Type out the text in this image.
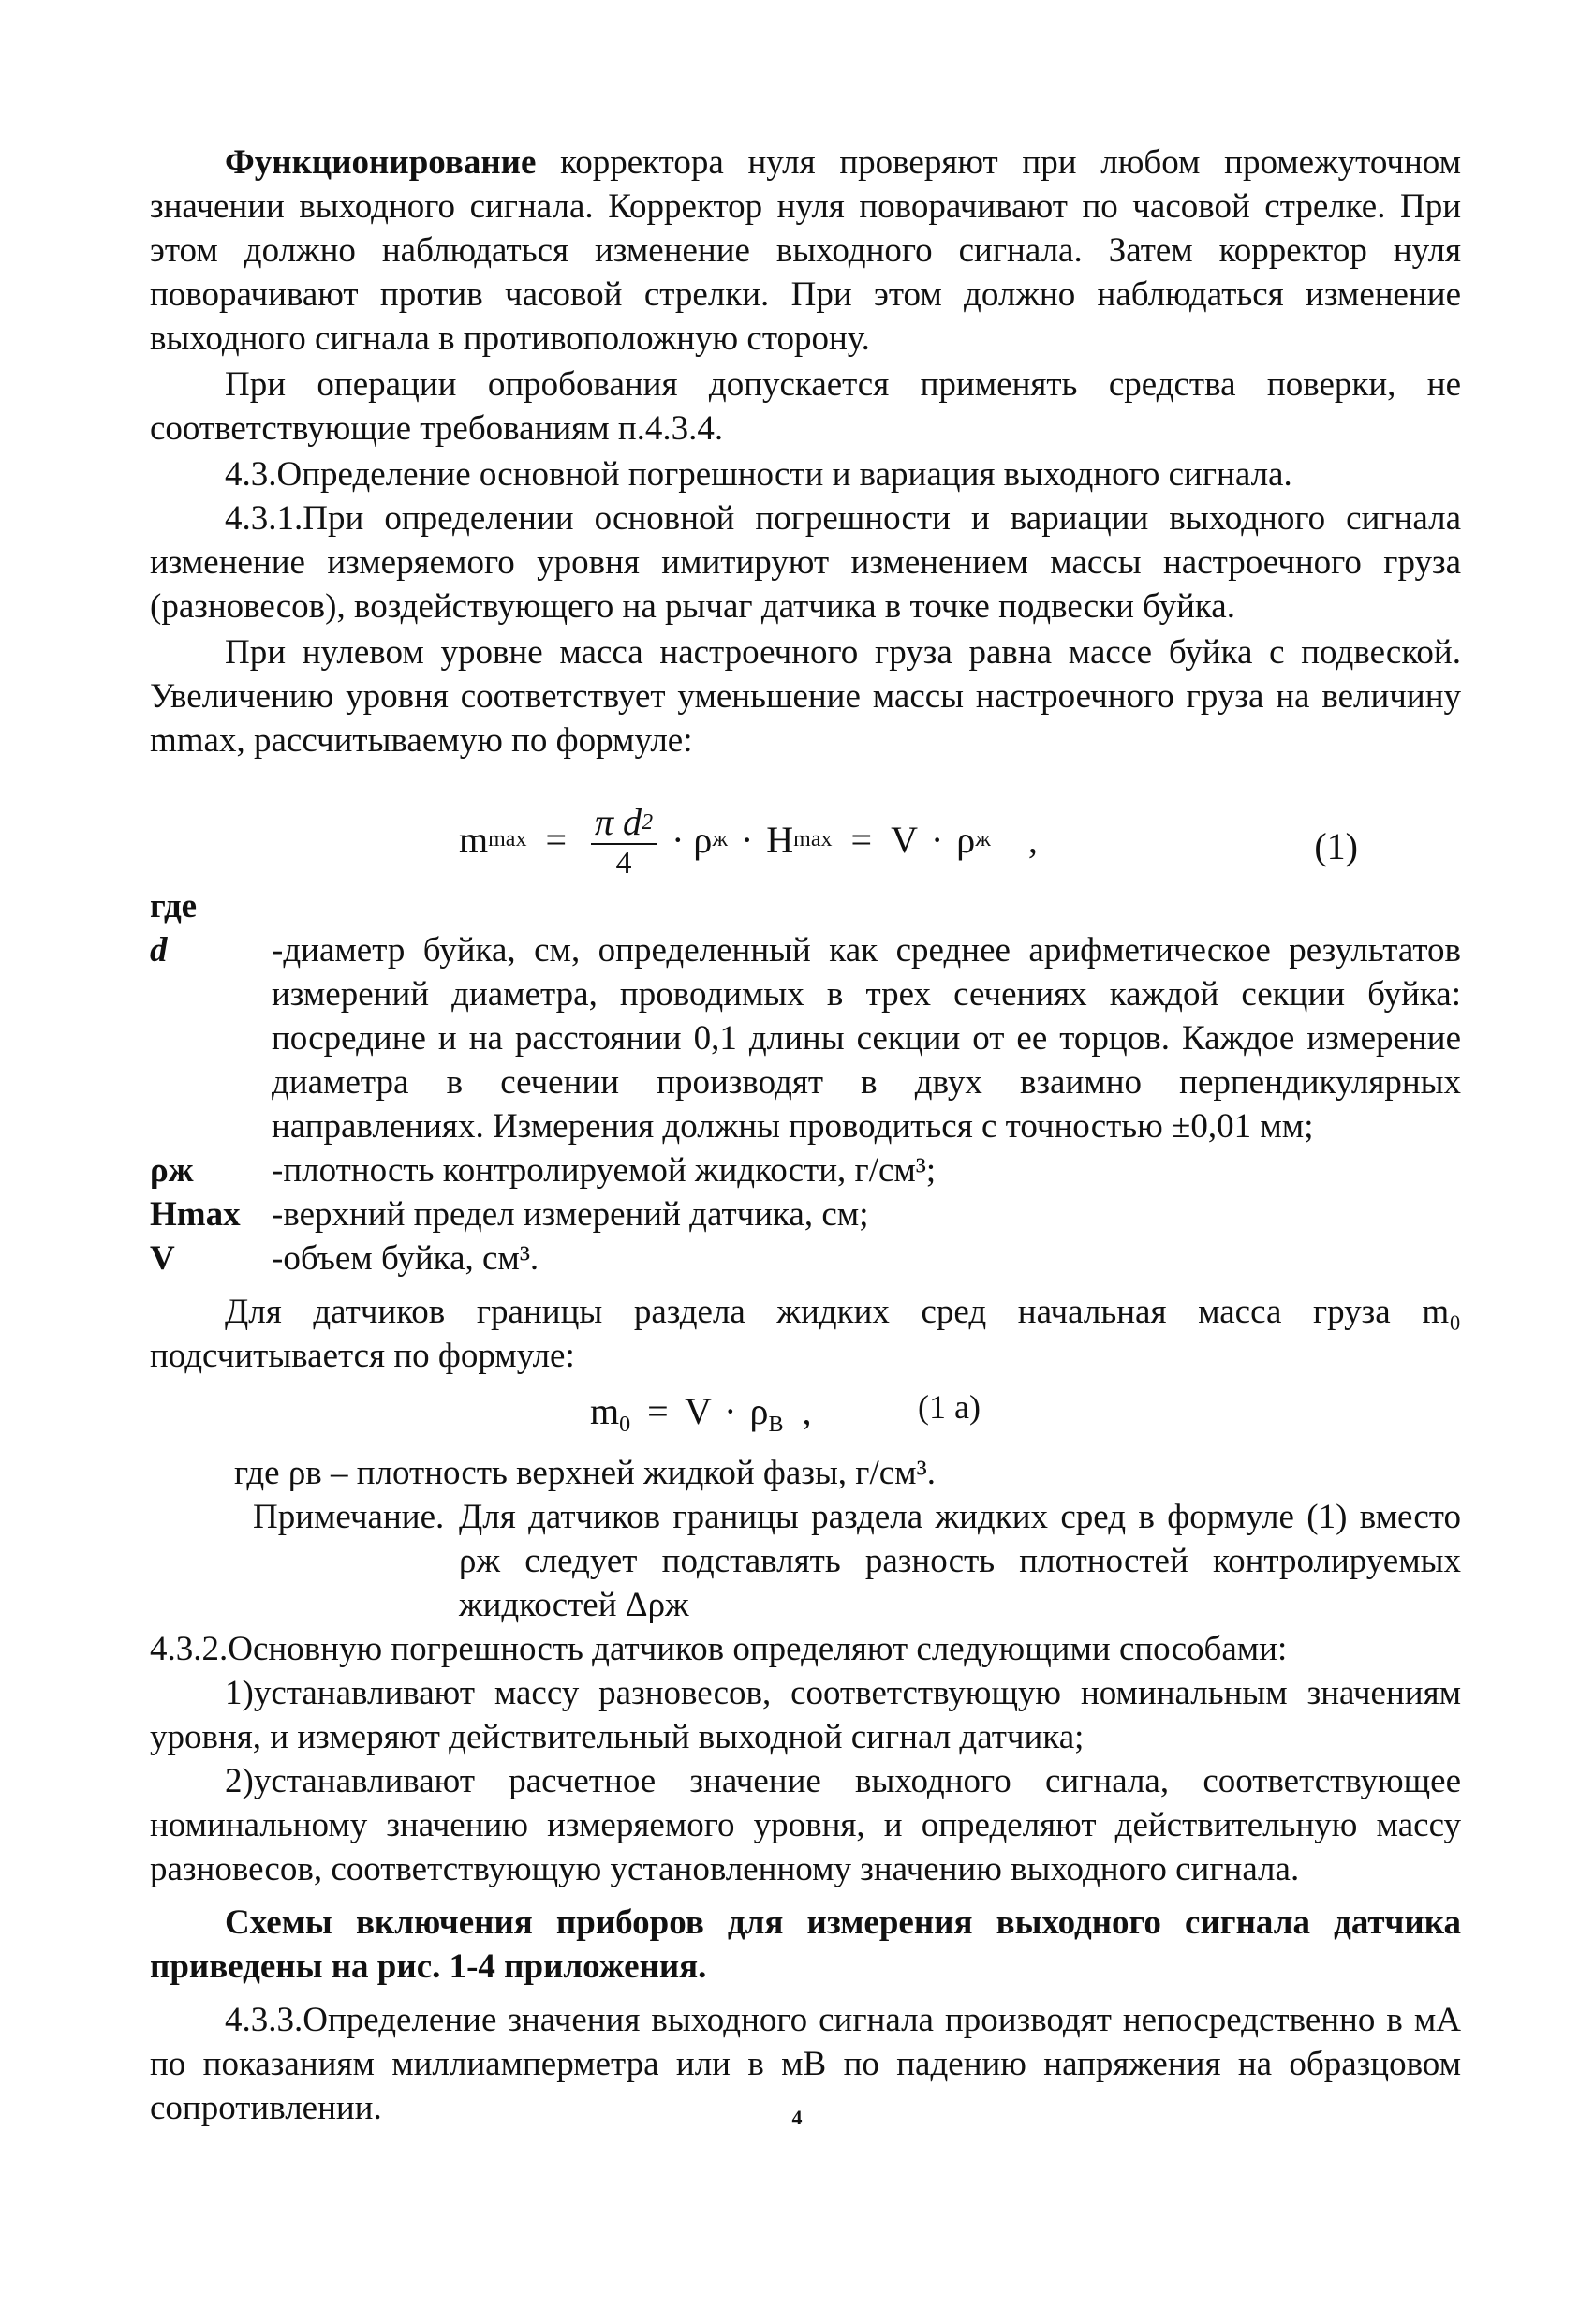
Функционирование корректора нуля проверяют при любом промежуточном значении выходного сигнала. Корректор нуля поворачивают по часовой стрелке. При этом должно наблюдаться изменение выходного сигнала. Затем корректор нуля поворачивают против часовой стрелки. При этом должно наблюдаться изменение выходного сигнала в противоположную сторону.

При операции опробования допускается применять средства поверки, не соответствующие требованиям п.4.3.4.

4.3.Определение основной погрешности и вариация выходного сигнала.

4.3.1.При определении основной погрешности и вариации выходного сигнала изменение измеряемого уровня имитируют изменением массы настроечного груза (разновесов), воздействующего на рычаг датчика в точке подвески буйка.

При нулевом уровне масса настроечного груза равна массе буйка с подвеской. Увеличению уровня соответствует уменьшение массы настроечного груза на величину mmax, рассчитываемую по формуле:

$mmax = \frac{\text{π d2}}{4} \cdot \rho ж \cdot Hmax = V \cdot \rho ж$ ,	(1)

где

d	-диаметр буйка, см, определенный как среднее арифметическое результатов измерений диаметра, проводимых в трех сечениях каждой секции буйка: посредине и на расстоянии 0,1 длины секции от ее торцов. Каждое измерение диаметра в сечении производят в двух взаимно перпендикулярных направлениях. Измерения должны проводиться с точностью ±0,01 мм;
ρж	-плотность контролируемой жидкости, г/см³;
Hmax -верхний предел измерений датчика, см;
V	-объем буйка, см³.

Для датчиков границы раздела жидких сред начальная масса груза m₀ подсчитывается по формуле:

$m_0 = V \cdot \rho_В$ ,	(1 а)

где ρв – плотность верхней жидкой фазы, г/см³.

Примечание. Для датчиков границы раздела жидких сред в формуле (1) вместо ρж следует подставлять разность плотностей контролируемых жидкостей Δρж

4.3.2.Основную погрешность датчиков определяют следующими способами:

1)устанавливают массу разновесов, соответствующую номинальным значениям уровня, и измеряют действительный выходной сигнал датчика;

2)устанавливают расчетное значение выходного сигнала, соответствующее номинальному значению измеряемого уровня, и определяют действительную массу разновесов, соответствующую установленному значению выходного сигнала.

Схемы включения приборов для измерения выходного сигнала датчика приведены на рис. 1-4 приложения.

4.3.3.Определение значения выходного сигнала производят непосредственно в мА по показаниям миллиамперметра или в мВ по падению напряжения на образцовом сопротивлении.	4
